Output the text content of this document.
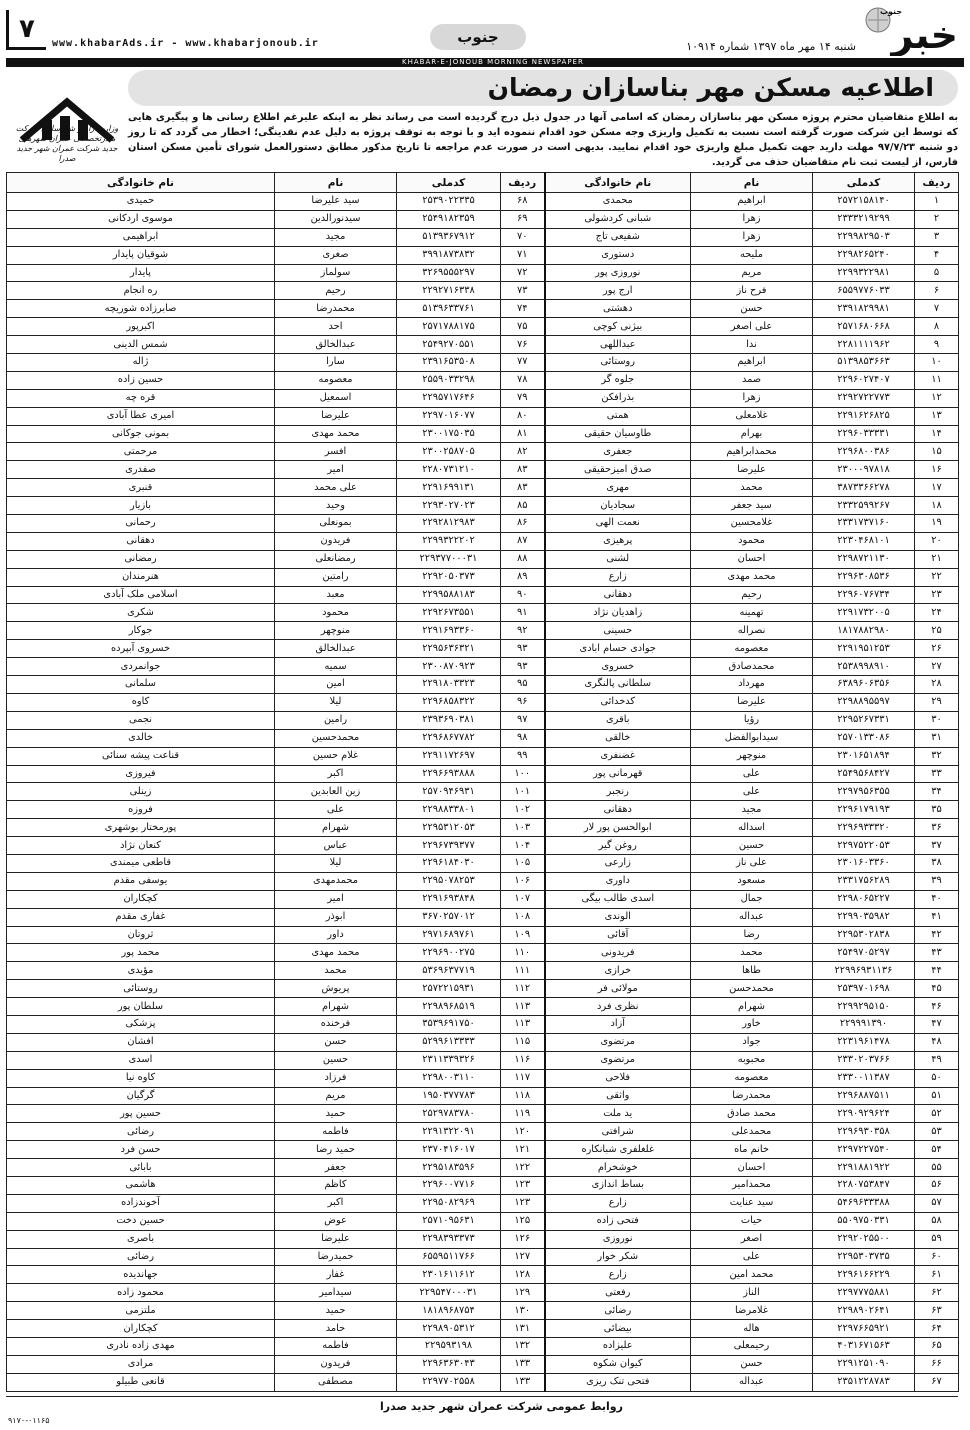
۷ www.khabarAds.ir - www.khabarjonoub.ir	جنوب
شنبه ۱۴ مهر ماه ۱۳۹۷ شماره ۱۰۹۱۴ خبر
جنوب
KHABAR-E-JONOUB MORNING NEWSPAPER
وزارت راه و شهرسازی شرکت مادرتخصصی عمران شهرهای جدید شرکت عمران شهر جدید صدرا
اطلاعیه مسکن مهر بناسازان رمضان

به اطلاع متقاضیان محترم پروژه مسکن مهر بناسازان رمضان که اسامی آنها در جدول ذیل درج گردیده است می رساند نظر به اینکه علیرغم اطلاع رسانی ها و پیگیری هایی که توسط این شرکت صورت گرفته است نسبت به تکمیل واریزی وجه مسکن خود اقدام ننموده اید و با توجه به توقف پروژه به دلیل عدم نقدینگی؛ اخطار می گردد که تا روز دو شنبه ۹۷/۷/۲۳ مهلت دارید جهت تکمیل مبلغ واریزی خود اقدام نمایید. بدیهی است در صورت عدم مراجعه تا تاریخ مذکور مطابق دستورالعمل شورای تأمین مسکن استان فارس، از لیست ثبت نام متقاضیان حذف می گردید.

ردیف	کدملی	نام	نام خانوادگی	ردیف	کدملی	نام	نام خانوادگی
۱	۲۵۷۲۱۵۸۱۴۰	ابراهیم	محمدی	۶۸	۲۵۳۹۰۲۲۳۳۵	سید علیرضا	حمیدی
۲	۲۳۳۳۲۱۹۲۹۹	زهرا	شبانی کردشولی	۶۹	۲۵۴۹۱۸۲۳۵۹	سیدنورالدین	موسوی اردکانی
۳	۲۲۹۹۸۲۹۵۰۳	زهرا	شفیعی تاج	۷۰	۵۱۳۹۳۶۷۹۱۲	مجید	ابراهیمی
۴	۲۲۹۸۲۶۵۲۴۰	ملیحه	دستوری	۷۱	۳۹۹۱۸۷۳۸۳۲	صغری	شوقیان پایدار
۵	۲۲۹۹۳۲۲۹۸۱	مریم	نوروزی پور	۷۲	۳۲۶۹۵۵۵۲۹۷	سولماز	پایدار
۶	۶۵۵۹۷۷۶۰۳۳	فرح ناز	ارج پور	۷۳	۲۲۹۲۷۱۶۳۳۸	رحیم	ره انجام
۷	۲۳۹۱۸۲۹۹۸۱	حسن	دهشتی	۷۴	۵۱۳۹۶۳۳۷۶۱	محمدرضا	صابرزاده شوریچه
۸	۲۵۷۱۶۸۰۶۶۸	علی اصغر	بیژنی کوچی	۷۵	۲۵۷۱۷۸۸۱۷۵	احد	اکبرپور
۹	۲۲۸۱۱۱۱۹۶۲	ندا	عبداللهی	۷۶	۲۵۴۹۲۷۰۵۵۱	عبدالخالق	شمس الدینی
۱۰	۵۱۳۹۸۵۳۶۶۳	ابراهیم	روستائی	۷۷	۲۳۹۱۶۵۳۵۰۸	سارا	ژاله
۱۱	۲۲۹۶۰۲۷۴۰۷	صمد	جلوه گر	۷۸	۲۵۵۹۰۳۳۲۹۸	معصومه	حسین زاده
۱۲	۲۲۹۲۷۲۲۷۷۳	زهرا	بذرافکن	۷۹	۲۲۹۵۷۱۷۶۴۶	اسمعیل	قره چه
۱۳	۲۲۹۱۶۲۶۸۲۵	غلامعلی	همتی	۸۰	۲۲۹۷۰۱۶۰۷۷	علیرضا	امیری عطا آبادی
۱۴	۲۲۹۶۰۳۳۳۳۱	بهرام	طاوسیان حقیقی	۸۱	۲۳۰۰۱۷۵۰۳۵	محمد مهدی	بمونی جوکانی
۱۵	۲۲۹۶۸۰۰۳۸۶	محمدابراهیم	جعفری	۸۲	۲۳۰۰۲۵۸۷۰۵	افسر	مرحمتی
۱۶	۲۳۰۰۰۹۷۸۱۸	علیرضا	صدق امیزحقیقی	۸۳	۲۲۸۰۷۳۱۲۱۰	امیر	صفدری
۱۷	۳۸۷۳۳۶۶۲۷۸	محمد	مهری	۸۳	۲۲۹۱۶۹۹۱۳۱	علی محمد	قنبری
۱۸	۲۳۳۲۵۹۹۲۶۷	سید جعفر	سجادیان	۸۵	۲۲۹۳۰۲۷۰۲۳	وحید	بازیار
۱۹	۲۳۳۱۷۳۷۱۶۰	غلامحسین	نعمت الهی	۸۶	۲۲۹۲۸۱۲۹۸۳	بمونعلی	رحمانی
۲۰	۲۲۳۰۴۶۸۱۰۱	محمود	پرهیزی	۸۷	۲۲۹۹۳۲۲۲۰۲	فریدون	دهقانی
۲۱	۲۲۹۸۷۲۱۱۳۰	احسان	لشنی	۸۸	۲۲۹۳۷۷۰۰۰۳۱	رمضانعلی	رمضانی
۲۲	۲۲۹۶۳۰۸۵۳۶	محمد مهدی	زارع	۸۹	۲۲۹۲۰۵۰۳۷۳	رامتین	هنرمندان
۲۳	۲۲۹۶۰۷۶۷۳۴	رحیم	دهقانی	۹۰	۲۲۹۹۵۸۸۱۸۳	معبد	اسلامی ملک آبادی
۲۴	۲۲۹۱۷۳۲۰۰۵	تهمینه	زاهدیان نژاد	۹۱	۲۲۹۲۶۷۳۵۵۱	محمود	شکری
۲۵	۱۸۱۷۸۸۲۹۸۰	نصراله	حسینی	۹۲	۲۲۹۱۶۹۳۳۶۰	منوچهر	جوکار
۲۶	۲۲۹۱۹۵۱۲۵۳	معصومه	جوادی حسام ابادی	۹۳	۲۲۹۵۶۳۶۳۲۱	عبدالخالق	خسروی آبپرده
۲۷	۲۵۳۸۹۹۸۹۱۰	محمدصادق	خسروی	۹۳	۲۳۰۰۸۷۰۹۲۳	سمیه	جوانمردی
۲۸	۶۳۸۹۶۰۶۳۵۶	مهرداد	سلطانی پالنگری	۹۵	۲۲۹۱۸۰۳۳۲۳	امین	سلمانی
۲۹	۲۲۹۸۸۹۵۵۹۷	علیرضا	کدخدائی	۹۶	۲۲۹۶۸۵۸۳۲۲	لیلا	کاوه
۳۰	۲۲۹۵۲۶۷۳۳۱	رؤیا	باقری	۹۷	۲۳۹۳۶۹۰۳۸۱	رامین	نجمی
۳۱	۲۵۷۰۱۳۳۰۸۶	سیدابوالفضل	خالقی	۹۸	۲۲۹۶۸۶۷۷۸۲	محمدحسین	خالدی
۳۲	۲۳۰۱۶۵۱۸۹۴	منوچهر	غضنفری	۹۹	۲۲۹۱۱۷۲۶۹۷	غلام حسین	قناعت پیشه سنائی
۳۳	۲۵۴۹۵۶۸۴۲۷	علی	قهرمانی پور	۱۰۰	۲۲۹۶۶۹۳۸۸۸	اکبر	فیروزی
۳۴	۲۲۹۷۹۵۶۳۵۵	علی	رنجبر	۱۰۱	۲۵۷۰۹۴۶۹۳۱	زین العابدین	زینلی
۳۵	۲۲۹۶۱۷۹۱۹۳	مجید	دهقانی	۱۰۲	۲۲۹۸۸۳۳۸۰۱	علی	فروزه
۳۶	۲۲۹۶۹۳۳۳۲۰	اسداله	ابوالحسن پور لار	۱۰۳	۲۲۹۵۳۱۲۰۵۳	شهرام	پورمختار بوشهری
۳۷	۲۲۹۷۵۲۲۰۵۳	حسین	روغن گیر	۱۰۴	۲۲۹۶۷۳۹۳۷۷	عباس	کنعان نژاد
۳۸	۲۳۰۱۶۰۳۳۶۰	علی ناز	زارعی	۱۰۵	۲۲۹۶۱۸۴۰۳۰	لیلا	قاطعی میمندی
۳۹	۲۳۳۱۷۵۶۲۸۹	مسعود	داوری	۱۰۶	۲۲۹۵۰۷۸۲۵۳	محمدمهدی	یوسفی مقدم
۴۰	۲۲۹۸۰۶۵۲۲۷	جمال	اسدی طالب بیگی	۱۰۷	۲۲۹۱۶۹۳۸۴۸	امیر	کچکاران
۴۱	۲۲۹۹۰۳۵۹۸۲	عبداله	الوندی	۱۰۸	۳۶۷۰۲۵۷۰۱۲	ابوذر	غفاری مقدم
۴۲	۲۲۹۵۳۰۲۸۳۸	رضا	آقائی	۱۰۹	۲۹۷۱۶۸۹۷۶۱	داور	ثروتان
۴۳	۲۵۴۹۷۰۵۲۹۷	محمد	فریدونی	۱۱۰	۲۲۹۶۹۰۰۲۷۵	محمد مهدی	محمد پور
۴۴	۲۲۹۹۶۹۳۱۱۳۶	طاها	خرازی	۱۱۱	۵۳۶۹۶۳۷۷۱۹	محمد	مؤیدی
۴۵	۲۵۳۹۷۰۱۶۹۸	محمدحسن	مولائی فر	۱۱۲	۲۵۷۲۲۱۵۹۳۱	پریوش	روستائی
۴۶	۲۲۹۹۲۹۵۱۵۰	شهرام	نظری فرد	۱۱۳	۲۲۹۸۹۶۸۵۱۹	شهرام	سلطان پور
۴۷	۲۲۹۹۹۱۳۹۰	خاور	آزاد	۱۱۳	۳۵۳۹۶۹۱۷۵۰	فرخنده	پزشکی
۴۸	۲۲۳۱۹۶۱۴۷۸	جواد	مرتضوی	۱۱۵	۵۲۹۹۶۱۳۳۳۳	حسن	افشان
۴۹	۲۳۳۰۲۰۳۷۶۶	محبوبه	مرتضوی	۱۱۶	۲۳۱۱۳۳۹۳۲۶	حسین	اسدی
۵۰	۲۳۳۰۰۱۱۳۸۷	معصومه	فلاحی	۱۱۷	۲۲۹۸۰۰۳۱۱۰	فرزاد	کاوه نیا
۵۱	۲۲۹۶۸۸۷۵۱۱	محمدرضا	واثقی	۱۱۸	۱۹۵۰۳۷۷۷۸۳	مریم	گرگیان
۵۲	۲۲۹۰۹۲۹۶۲۴	محمد صادق	ید ملت	۱۱۹	۲۵۲۹۷۸۳۷۸۰	حمید	حسین پور
۵۳	۲۲۹۶۹۳۰۳۵۸	محمدعلی	شرافتی	۱۲۰	۲۲۹۱۳۲۲۰۹۱	فاطمه	رضائی
۵۴	۲۲۹۷۲۲۷۵۴۰	خانم ماه	غلغلفری شبانکاره	۱۲۱	۲۳۷۰۴۱۶۰۱۷	حمید رضا	حسن فرد
۵۵	۲۲۹۱۸۸۱۹۲۲	احسان	خوشخرام	۱۲۲	۲۲۹۵۱۸۳۵۹۶	جعفر	بابائی
۵۶	۲۲۸۰۷۵۳۸۴۷	محمدامیر	بساط اندازی	۱۲۳	۲۲۹۶۰۰۷۷۱۶	کاظم	هاشمی
۵۷	۵۴۶۹۶۳۳۳۸۸	سید عنایت	زارع	۱۲۳	۲۲۹۵۰۸۲۹۶۹	اکبر	آخوندزاده
۵۸	۵۵۰۹۷۵۰۳۳۱	حیات	فتحی زاده	۱۲۵	۲۵۷۱۰۹۵۶۳۱	عوض	حسین دخت
۵۹	۲۲۹۲۰۲۵۵۰۰	اصغر	نوروزی	۱۲۶	۲۲۹۸۳۹۳۳۷۳	علیرضا	باصری
۶۰	۲۲۹۵۳۰۳۷۳۵	علی	شکر خوار	۱۲۷	۶۵۵۹۵۱۱۷۶۶	حمیدرضا	رضائی
۶۱	۲۲۹۶۱۶۶۲۲۹	محمد امین	زارع	۱۲۸	۲۳۰۱۶۱۱۶۱۲	غفار	جهاندیده
۶۲	۲۲۹۷۷۷۵۸۸۱	الناز	رفعتی	۱۲۹	۲۲۹۵۴۷۰۰۰۳۱	سیدامیر	محمود زاده
۶۳	۲۲۹۸۹۰۲۶۴۱	غلامرضا	رضائی	۱۳۰	۱۸۱۸۹۶۸۷۵۴	حمید	ملتزمی
۶۴	۲۲۹۷۶۶۵۹۲۱	هاله	بیضائی	۱۳۱	۲۲۹۸۹۰۵۳۱۲	حامد	کچکاران
۶۵	۴۰۳۱۶۷۱۵۶۳	رحیمعلی	علیزاده	۱۳۲	۲۲۹۵۹۳۱۹۸	فاطمه	مهدی زاده نادری
۶۶	۲۲۹۱۲۵۱۰۹۰	حسن	کیوان شکوه	۱۳۳	۲۲۹۶۳۶۳۰۴۳	فریدون	مرادی
۶۷	۲۳۵۱۲۲۸۷۸۳	عبداله	فتحی تنک ریزی	۱۳۳	۲۲۹۷۷۰۲۵۵۸	مصطفی	قانعی طبیلو
روابط عمومی شرکت عمران شهر جدید صدرا
۹۱۷۰-۰۱۱۶۵
